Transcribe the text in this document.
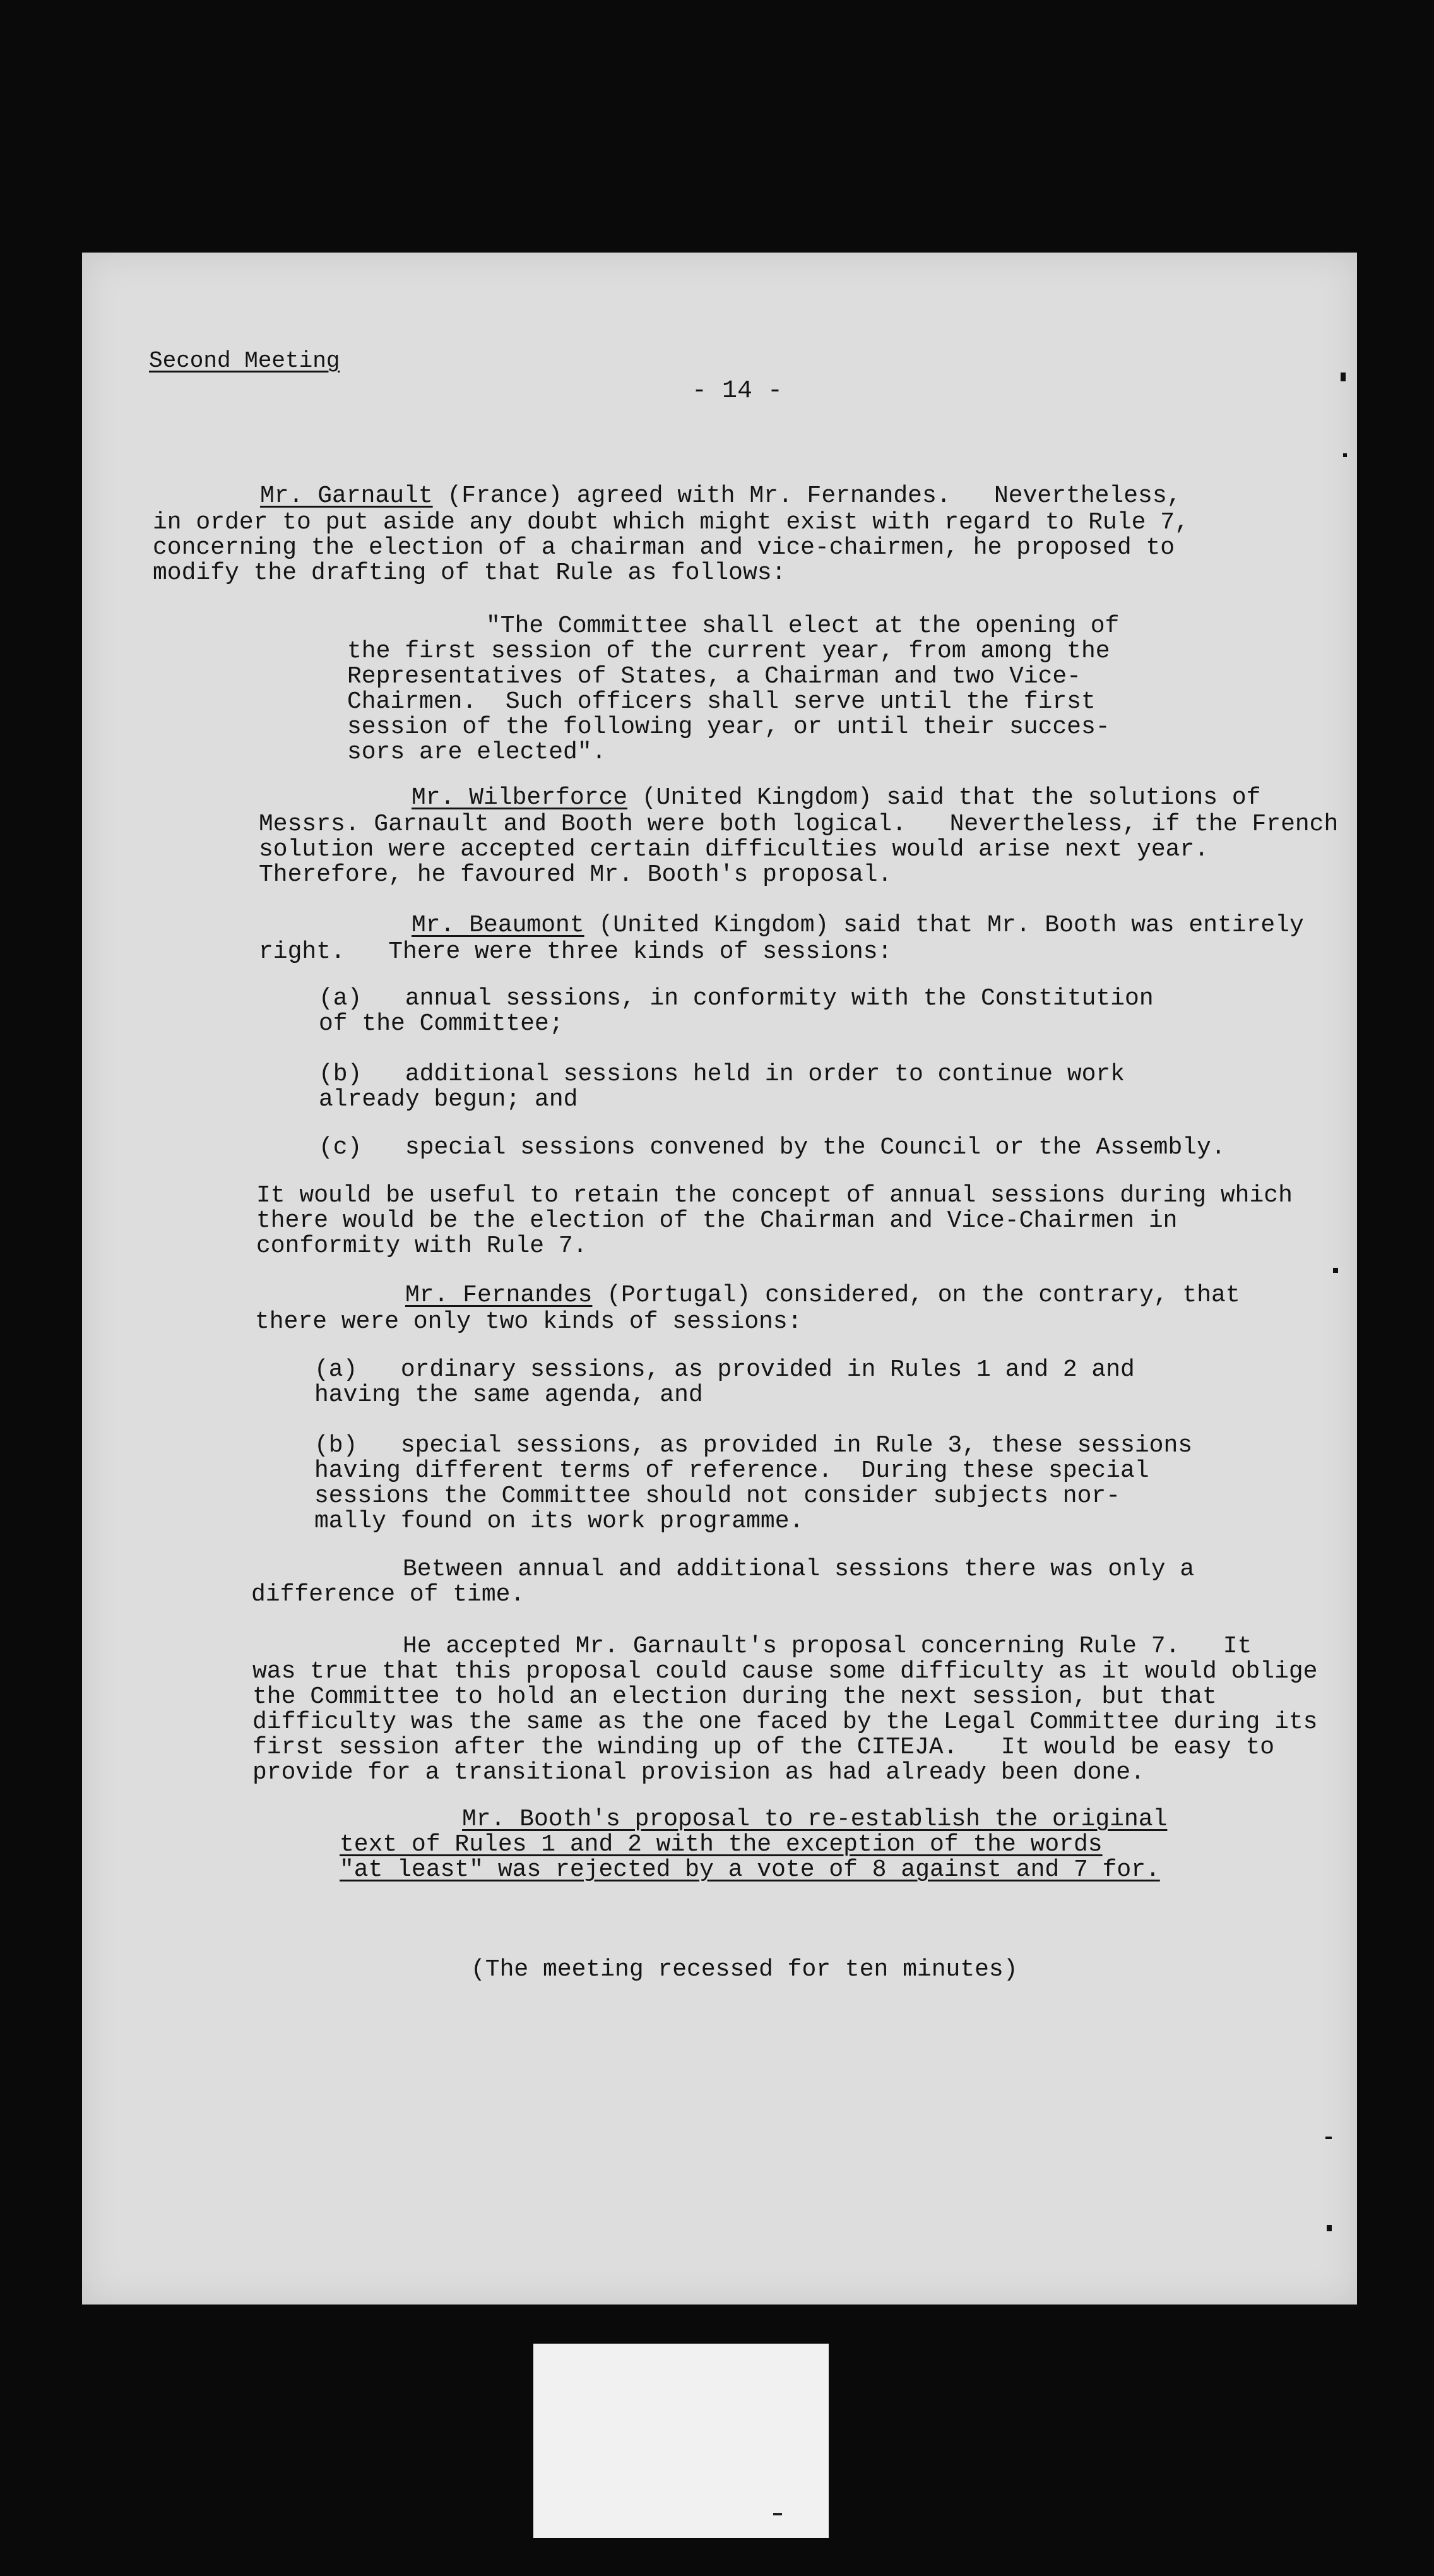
Second Meeting
- 14 -
Mr. Garnault (France) agreed with Mr. Fernandes.   Nevertheless,
in order to put aside any doubt which might exist with regard to Rule 7,
concerning the election of a chairman and vice-chairmen, he proposed to
modify the drafting of that Rule as follows:
"The Committee shall elect at the opening of
the first session of the current year, from among the
Representatives of States, a Chairman and two Vice-
Chairmen.  Such officers shall serve until the first
session of the following year, or until their succes-
sors are elected".
Mr. Wilberforce (United Kingdom) said that the solutions of
Messrs. Garnault and Booth were both logical.   Nevertheless, if the French
solution were accepted certain difficulties would arise next year.
Therefore, he favoured Mr. Booth's proposal.
Mr. Beaumont (United Kingdom) said that Mr. Booth was entirely
right.   There were three kinds of sessions:
(a) annual sessions, in conformity with the Constitution
of the Committee;
(b) additional sessions held in order to continue work
already begun; and
(c) special sessions convened by the Council or the Assembly.
It would be useful to retain the concept of annual sessions during which
there would be the election of the Chairman and Vice-Chairmen in
conformity with Rule 7.
Mr. Fernandes (Portugal) considered, on the contrary, that
there were only two kinds of sessions:
(a) ordinary sessions, as provided in Rules 1 and 2 and
having the same agenda, and
(b) special sessions, as provided in Rule 3, these sessions
having different terms of reference.  During these special
sessions the Committee should not consider subjects nor-
mally found on its work programme.
Between annual and additional sessions there was only a
difference of time.
He accepted Mr. Garnault's proposal concerning Rule 7.   It
was true that this proposal could cause some difficulty as it would oblige
the Committee to hold an election during the next session, but that
difficulty was the same as the one faced by the Legal Committee during its
first session after the winding up of the CITEJA.   It would be easy to
provide for a transitional provision as had already been done.
Mr. Booth's proposal to re-establish the original
text of Rules 1 and 2 with the exception of the words
"at least" was rejected by a vote of 8 against and 7 for.
(The meeting recessed for ten minutes)
